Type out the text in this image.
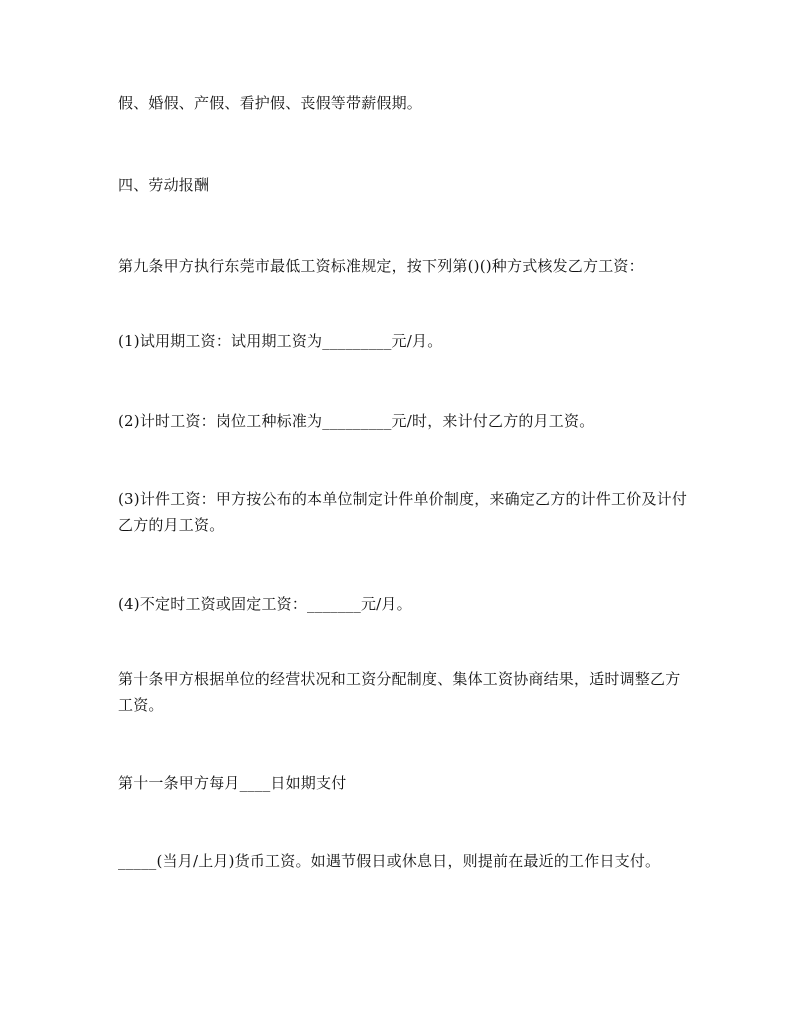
假、婚假、产假、看护假、丧假等带薪假期。

四、劳动报酬

第九条甲方执行东莞市最低工资标准规定，按下列第()()种方式核发乙方工资：

(1)试用期工资：试用期工资为_________元/月。

(2)计时工资：岗位工种标准为_________元/时，来计付乙方的月工资。

(3)计件工资：甲方按公布的本单位制定计件单价制度，来确定乙方的计件工价及计付乙方的月工资。

(4)不定时工资或固定工资：_______元/月。

第十条甲方根据单位的经营状况和工资分配制度、集体工资协商结果，适时调整乙方工资。

第十一条甲方每月____日如期支付

_____(当月/上月)货币工资。如遇节假日或休息日，则提前在最近的工作日支付。
